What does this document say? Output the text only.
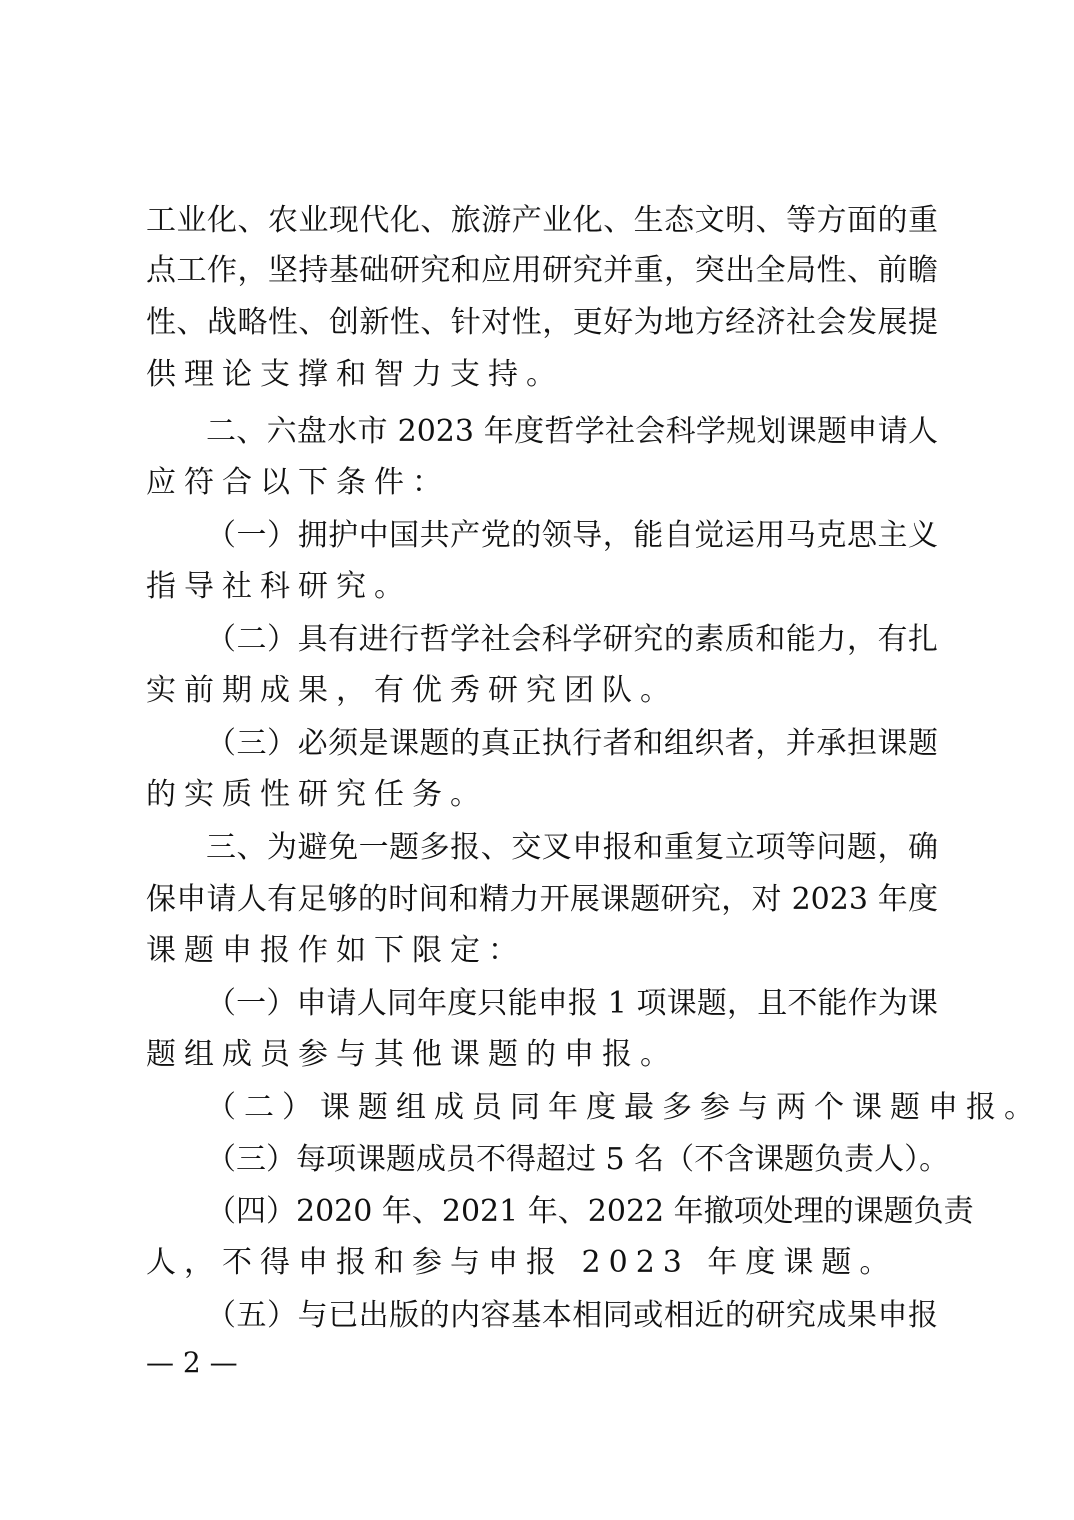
工业化、农业现代化、旅游产业化、生态文明、等方面的重
点工作，坚持基础研究和应用研究并重，突出全局性、前瞻
性、战略性、创新性、针对性，更好为地方经济社会发展提
供理论支撑和智力支持。
二、六盘水市 2023 年度哲学社会科学规划课题申请人
应符合以下条件：
（一）拥护中国共产党的领导，能自觉运用马克思主义
指导社科研究。
（二）具有进行哲学社会科学研究的素质和能力，有扎
实前期成果，有优秀研究团队。
（三）必须是课题的真正执行者和组织者，并承担课题
的实质性研究任务。
三、为避免一题多报、交叉申报和重复立项等问题，确
保申请人有足够的时间和精力开展课题研究，对 2023 年度
课题申报作如下限定：
（一）申请人同年度只能申报 1 项课题，且不能作为课
题组成员参与其他课题的申报。
（二）课题组成员同年度最多参与两个课题申报。
（三）每项课题成员不得超过 5 名（不含课题负责人）。
（四）2020 年、2021 年、2022 年撤项处理的课题负责
人，不得申报和参与申报 2023 年度课题。
（五）与已出版的内容基本相同或相近的研究成果申报
— 2 —
